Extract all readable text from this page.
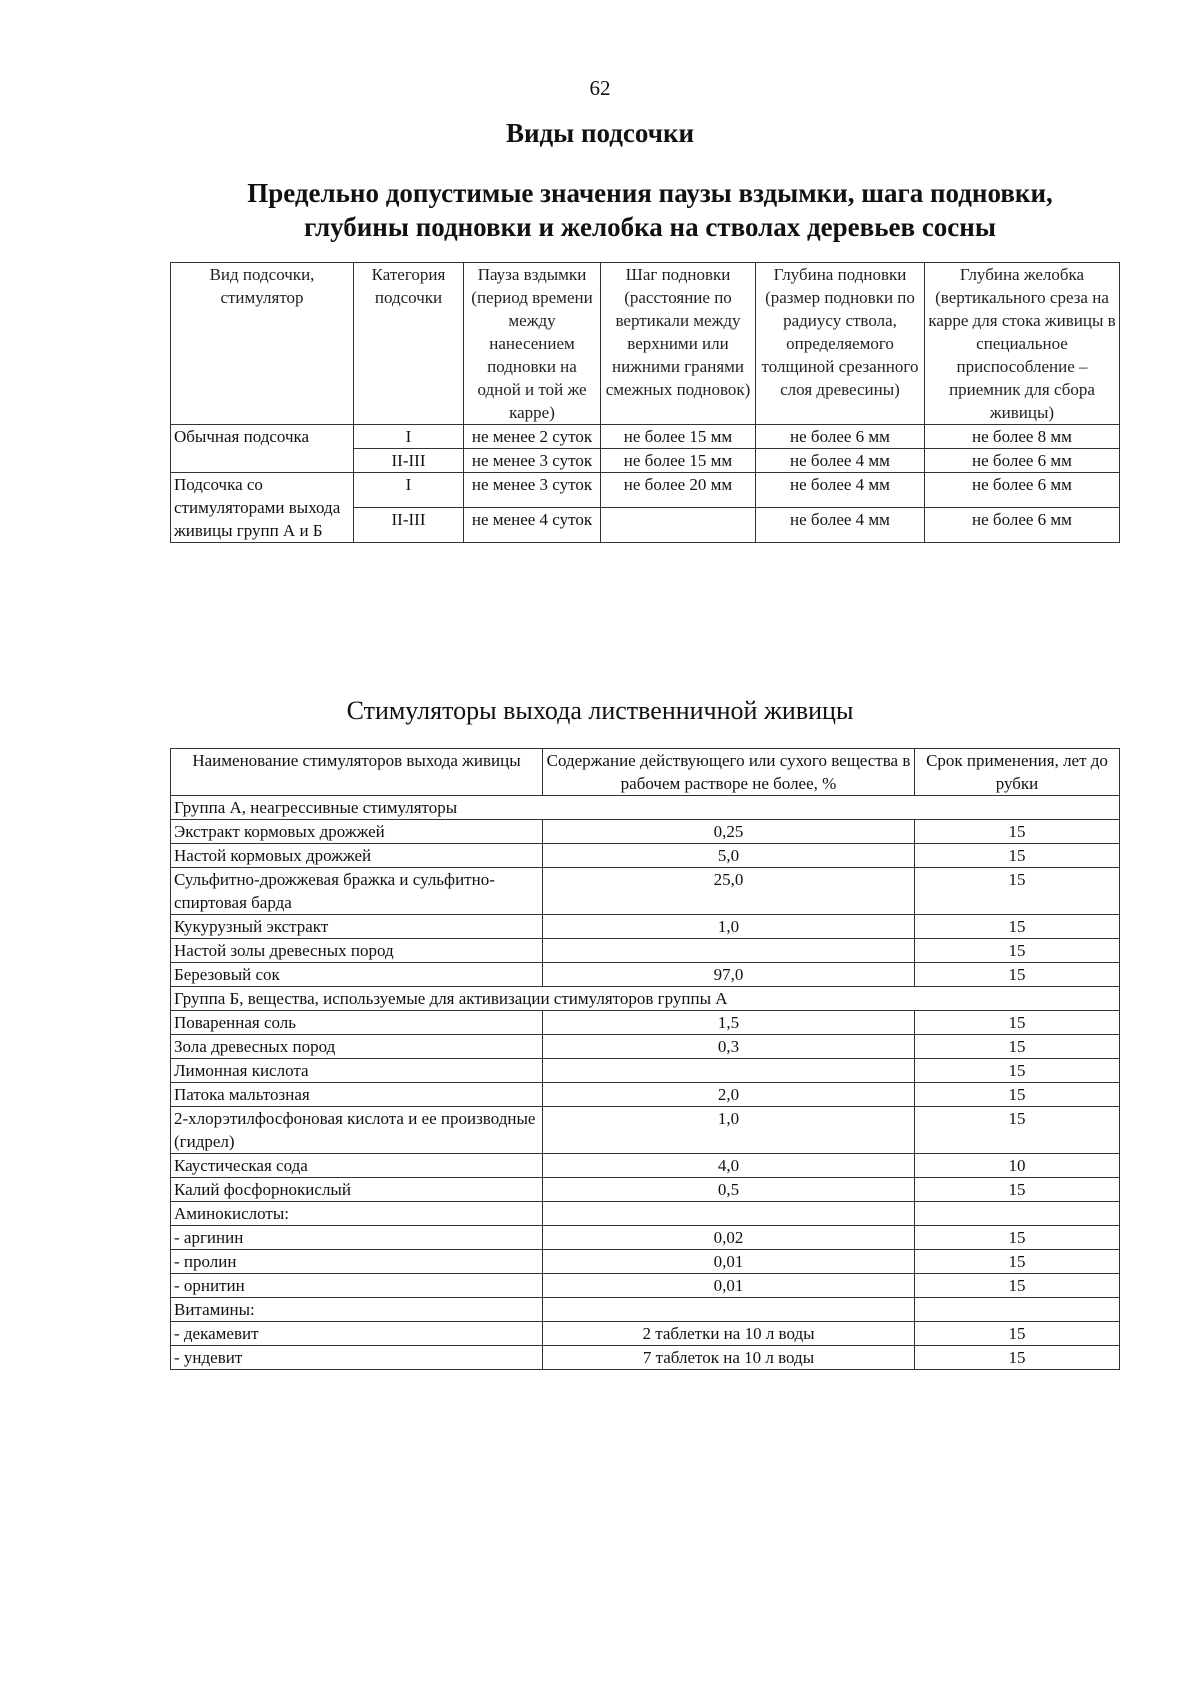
62
Виды подсочки
Предельно допустимые значения паузы вздымки, шага подновки,
глубины подновки и желобка на стволах деревьев сосны
Вид подсочки, стимулятор	Категория подсочки	Пауза вздымки (период времени между нанесением подновки на одной и той же карре)	Шаг подновки (расстояние по вертикали между верхними или нижними гранями смежных подновок)	Глубина подновки (размер подновки по радиусу ствола, определяемого толщиной срезанного слоя древесины)	Глубина желобка (вертикального среза на карре для стока живицы в специальное приспособление – приемник для сбора живицы)
Обычная подсочка	I	не менее 2 суток	не более 15 мм	не более 6 мм	не более 8 мм
	II-III	не менее 3 суток	не более 15 мм	не более 4 мм	не более 6 мм
Подсочка со стимуляторами выхода живицы групп А и Б	I	не менее 3 суток	не более 20 мм	не более 4 мм	не более 6 мм
	II-III	не менее 4 суток		не более 4 мм	не более 6 мм
Стимуляторы выхода лиственничной живицы
Наименование стимуляторов выхода живицы	Содержание действующего или сухого вещества в рабочем растворе не более, %	Срок применения, лет до рубки
Группа А, неагрессивные стимуляторы		
Экстракт кормовых дрожжей	0,25	15
Настой кормовых дрожжей	5,0	15
Сульфитно-дрожжевая бражка и сульфитно-спиртовая барда	25,0	15
Кукурузный экстракт	1,0	15
Настой золы древесных пород		15
Березовый сок	97,0	15
Группа Б, вещества, используемые для активизации стимуляторов группы А		
Поваренная соль	1,5	15
Зола древесных пород	0,3	15
Лимонная кислота		15
Патока мальтозная	2,0	15
2-хлорэтилфосфоновая кислота и ее производные (гидрел)	1,0	15
Каустическая сода	4,0	10
Калий фосфорнокислый	0,5	15
Аминокислоты:		
- аргинин	0,02	15
- пролин	0,01	15
- орнитин	0,01	15
Витамины:		
- декамевит	2 таблетки на 10 л воды	15
- ундевит	7 таблеток на 10 л воды	15
